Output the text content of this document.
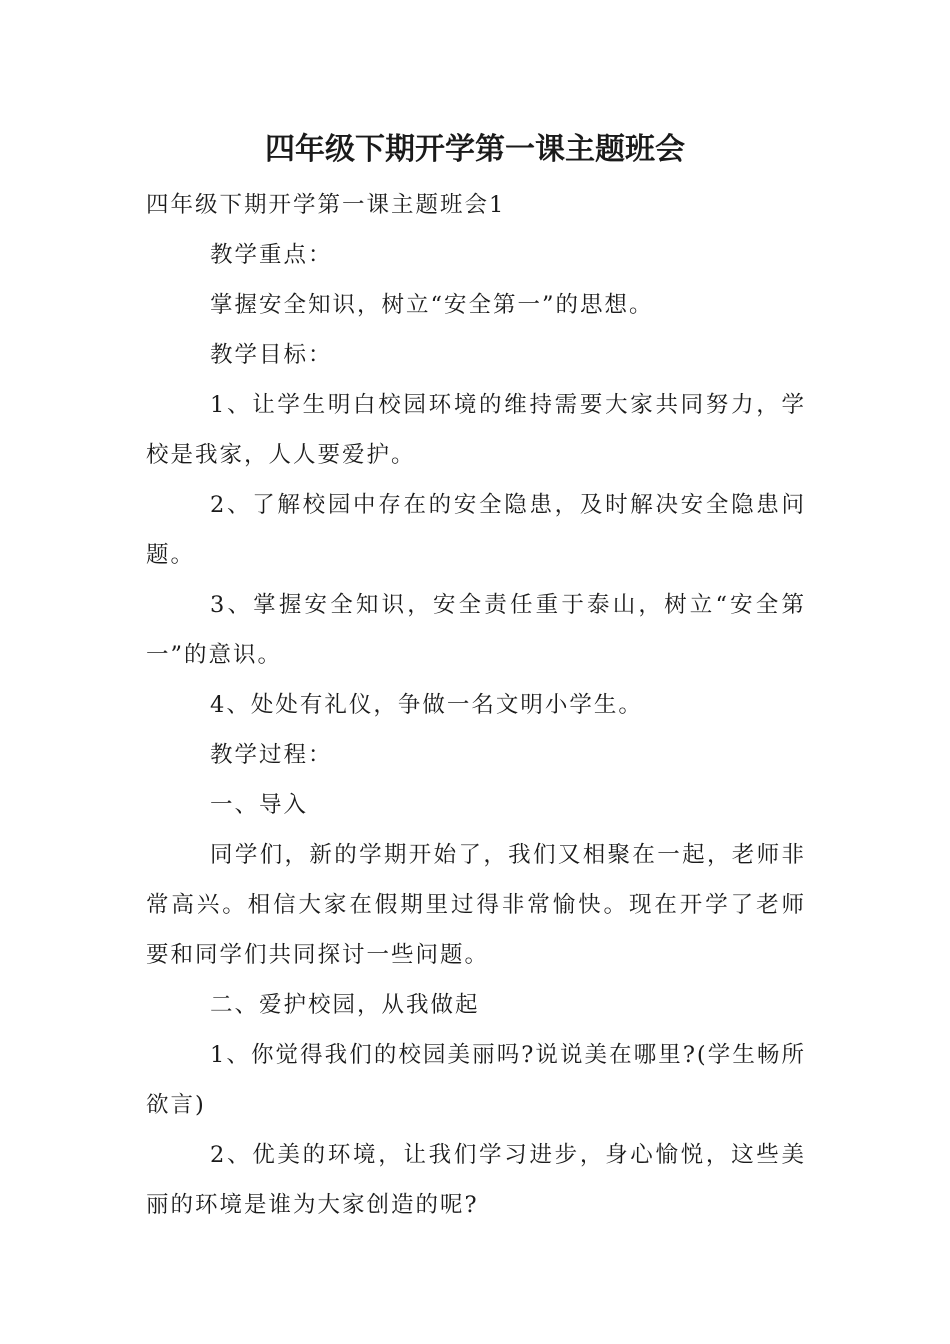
四年级下期开学第一课主题班会

四年级下期开学第一课主题班会1

教学重点：

掌握安全知识，树立“安全第一”的思想。

教学目标：

1、让学生明白校园环境的维持需要大家共同努力，学校是我家，人人要爱护。

2、了解校园中存在的安全隐患，及时解决安全隐患问题。

3、掌握安全知识，安全责任重于泰山，树立“安全第一”的意识。

4、处处有礼仪，争做一名文明小学生。

教学过程：

一、导入

同学们，新的学期开始了，我们又相聚在一起，老师非常高兴。相信大家在假期里过得非常愉快。现在开学了老师要和同学们共同探讨一些问题。

二、爱护校园，从我做起

1、你觉得我们的校园美丽吗?说说美在哪里?(学生畅所欲言)

2、优美的环境，让我们学习进步，身心愉悦，这些美丽的环境是谁为大家创造的呢?
